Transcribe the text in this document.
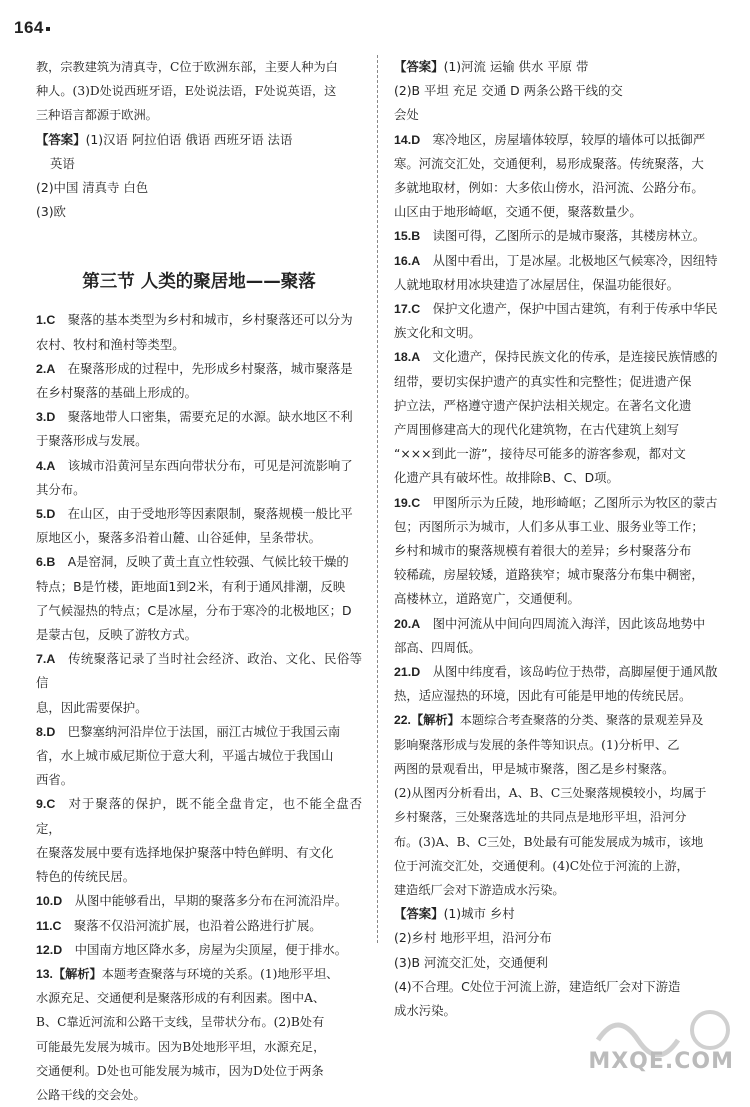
164
教，宗教建筑为清真寺，C位于欧洲东部，主要人种为白
种人。(3)D处说西班牙语，E处说法语，F处说英语，这
三种语言都源于欧洲。
【答案】(1)汉语 阿拉伯语 俄语 西班牙语 法语
英语
(2)中国 清真寺 白色
(3)欧
第三节 人类的聚居地——聚落
1.C  聚落的基本类型为乡村和城市，乡村聚落还可以分为
农村、牧村和渔村等类型。
2.A  在聚落形成的过程中，先形成乡村聚落，城市聚落是
在乡村聚落的基础上形成的。
3.D  聚落地带人口密集，需要充足的水源。缺水地区不利
于聚落形成与发展。
4.A  该城市沿黄河呈东西向带状分布，可见是河流影响了
其分布。
5.D  在山区，由于受地形等因素限制，聚落规模一般比平
原地区小，聚落多沿着山麓、山谷延伸，呈条带状。
6.B  A是窑洞，反映了黄土直立性较强、气候比较干燥的
特点；B是竹楼，距地面1到2米，有利于通风排潮，反映
了气候湿热的特点；C是冰屋，分布于寒冷的北极地区；D
是蒙古包，反映了游牧方式。
7.A  传统聚落记录了当时社会经济、政治、文化、民俗等信
息，因此需要保护。
8.D  巴黎塞纳河沿岸位于法国，丽江古城位于我国云南
省，水上城市威尼斯位于意大利，平遥古城位于我国山
西省。
9.C  对于聚落的保护，既不能全盘肯定，也不能全盘否定，
在聚落发展中要有选择地保护聚落中特色鲜明、有文化
特色的传统民居。
10.D  从图中能够看出，早期的聚落多分布在河流沿岸。
11.C  聚落不仅沿河流扩展，也沿着公路进行扩展。
12.D  中国南方地区降水多，房屋为尖顶屋，便于排水。
13.【解析】本题考查聚落与环境的关系。(1)地形平坦、
水源充足、交通便利是聚落形成的有利因素。图中A、
B、C靠近河流和公路干支线，呈带状分布。(2)B处有
可能最先发展为城市。因为B处地形平坦，水源充足，
交通便利。D处也可能发展为城市，因为D处位于两条
公路干线的交会处。
【答案】(1)河流 运输 供水 平原 带
(2)B 平坦 充足 交通 D 两条公路干线的交
会处
14.D  寒冷地区，房屋墙体较厚，较厚的墙体可以抵御严
寒。河流交汇处，交通便利，易形成聚落。传统聚落，大
多就地取材，例如：大多依山傍水，沿河流、公路分布。
山区由于地形崎岖，交通不便，聚落数量少。
15.B  读图可得，乙图所示的是城市聚落，其楼房林立。
16.A  从图中看出，丁是冰屋。北极地区气候寒冷，因纽特
人就地取材用冰块建造了冰屋居住，保温功能很好。
17.C  保护文化遗产，保护中国古建筑，有利于传承中华民
族文化和文明。
18.A  文化遗产，保持民族文化的传承，是连接民族情感的
纽带，要切实保护遗产的真实性和完整性；促进遗产保
护立法，严格遵守遗产保护法相关规定。在著名文化遗
产周围修建高大的现代化建筑物，在古代建筑上刻写
“×××到此一游”，接待尽可能多的游客参观，都对文
化遗产具有破坏性。故排除B、C、D项。
19.C  甲图所示为丘陵，地形崎岖；乙图所示为牧区的蒙古
包；丙图所示为城市，人们多从事工业、服务业等工作；
乡村和城市的聚落规模有着很大的差异；乡村聚落分布
较稀疏，房屋较矮，道路狭窄；城市聚落分布集中稠密，
高楼林立，道路宽广，交通便利。
20.A  图中河流从中间向四周流入海洋，因此该岛地势中
部高、四周低。
21.D  从图中纬度看，该岛屿位于热带，高脚屋便于通风散
热，适应湿热的环境，因此有可能是甲地的传统民居。
22.【解析】本题综合考查聚落的分类、聚落的景观差异及
影响聚落形成与发展的条件等知识点。(1)分析甲、乙
两图的景观看出，甲是城市聚落，图乙是乡村聚落。
(2)从图丙分析看出，A、B、C三处聚落规模较小，均属于
乡村聚落，三处聚落选址的共同点是地形平坦，沿河分
布。(3)A、B、C三处，B处最有可能发展成为城市，该地
位于河流交汇处，交通便利。(4)C处位于河流的上游，
建造纸厂会对下游造成水污染。
【答案】(1)城市 乡村
(2)乡村 地形平坦，沿河分布
(3)B 河流交汇处，交通便利
(4)不合理。C处位于河流上游，建造纸厂会对下游造
成水污染。
MXQE.COM
